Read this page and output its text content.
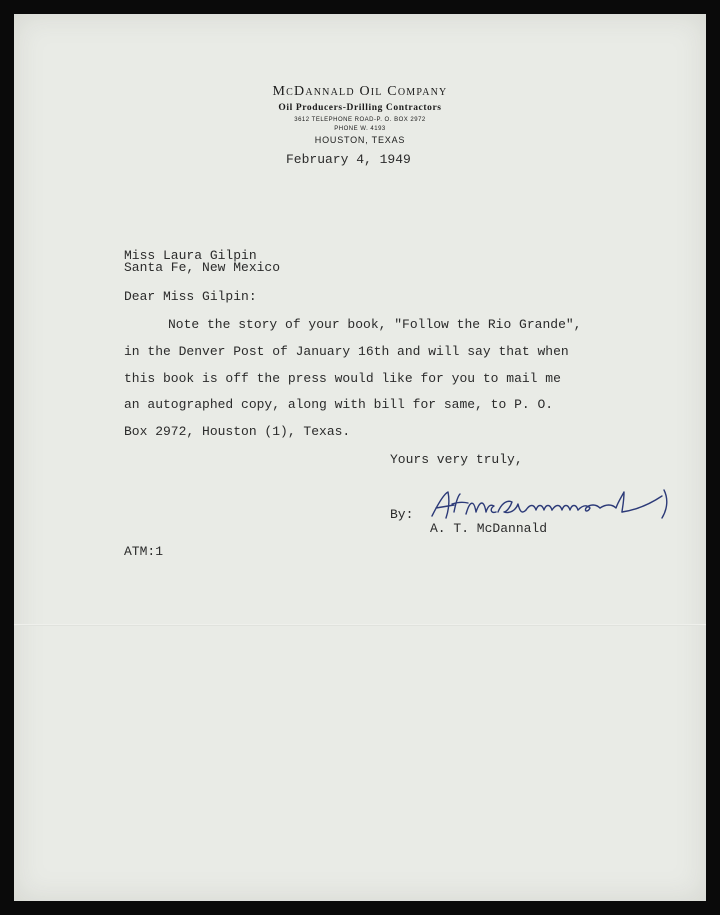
McDannald Oil Company
Oil Producers-Drilling Contractors
3612 TELEPHONE ROAD-P. O. BOX 2972
PHONE W. 4193
HOUSTON, TEXAS
February 4, 1949
Miss Laura Gilpin
Santa Fe, New Mexico
Dear Miss Gilpin:
Note the story of your book, "Follow the Rio Grande",
in the Denver Post of January 16th and will say that when
this book is off the press would like for you to mail me
an autographed copy, along with bill for same, to P. O.
Box 2972, Houston (1), Texas.
Yours very truly,
By:
A. T. McDannald
ATM:1
